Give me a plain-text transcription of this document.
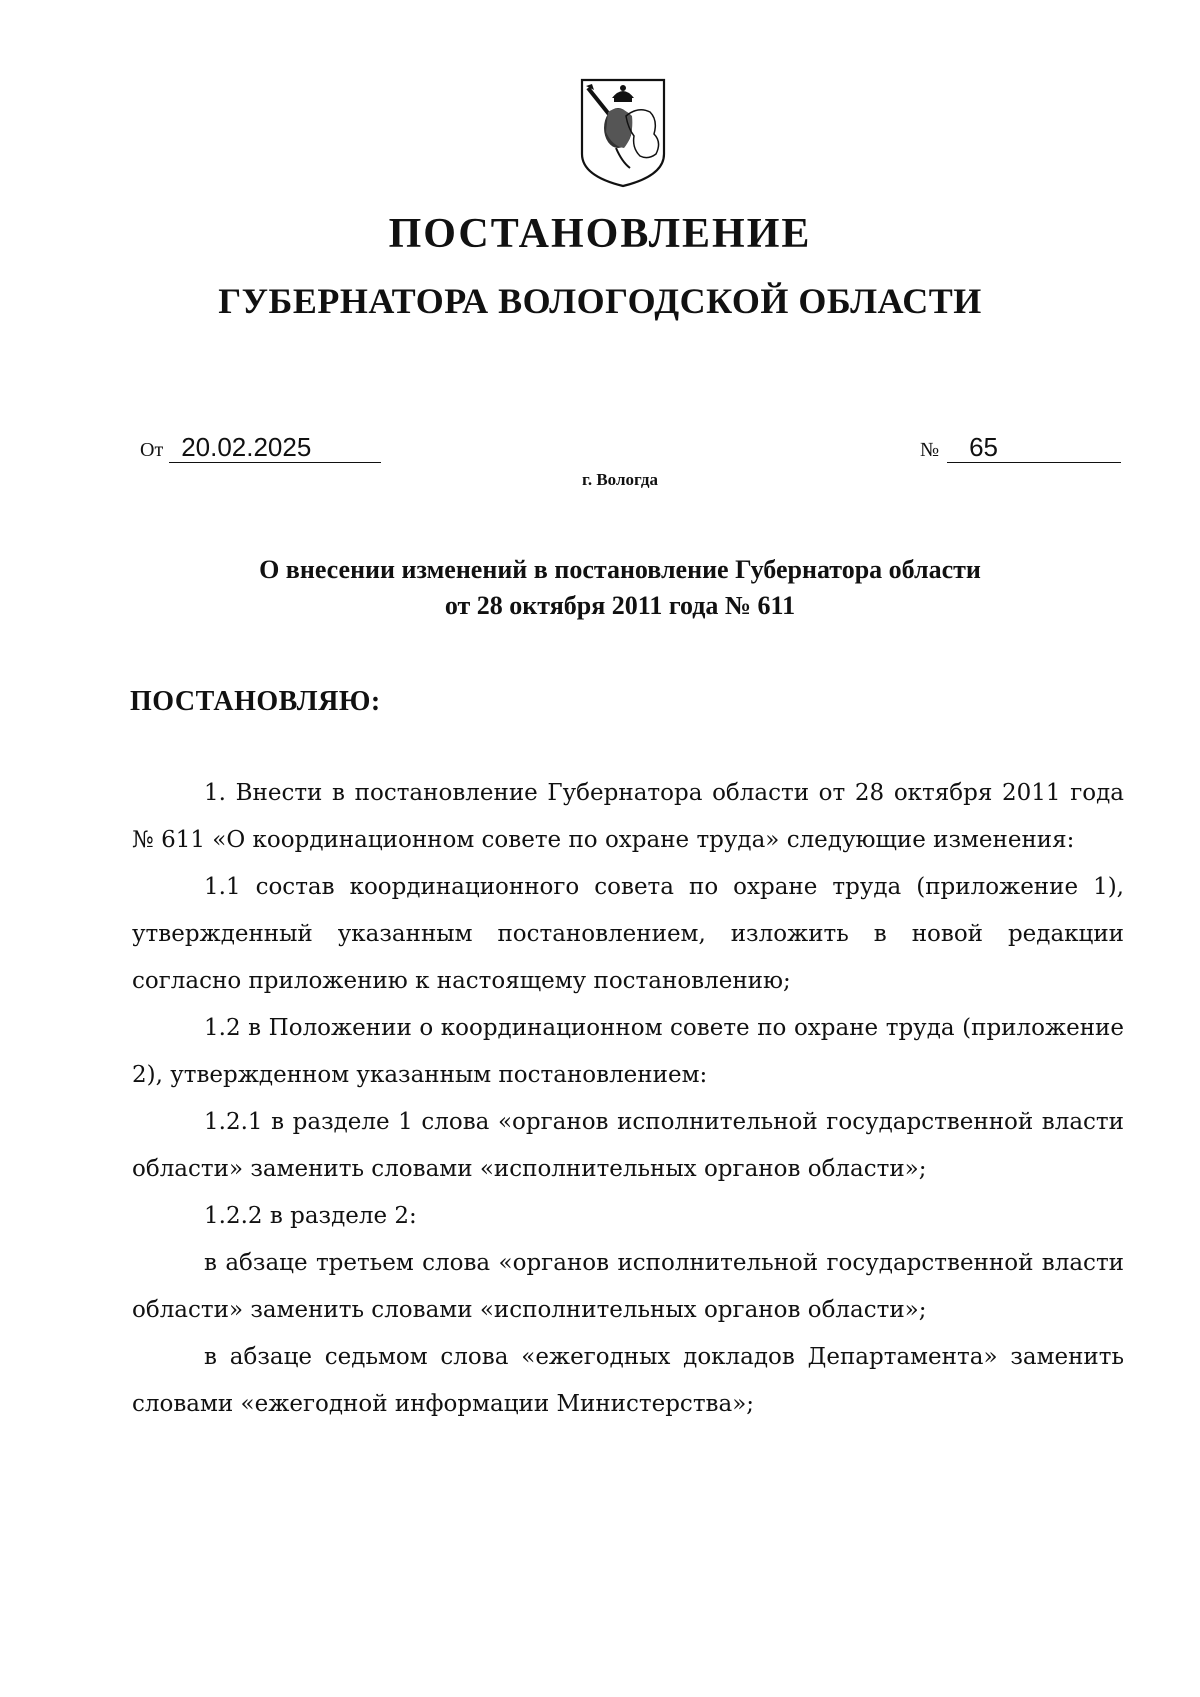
ПОСТАНОВЛЕНИЕ
ГУБЕРНАТОРА ВОЛОГОДСКОЙ ОБЛАСТИ
От 20.02.2025	№ 65
г. Вологда
О внесении изменений в постановление Губернатора области
от 28 октября 2011 года № 611
ПОСТАНОВЛЯЮ:

1. Внести в постановление Губернатора области от 28 октября 2011 года № 611 «О координационном совете по охране труда» следующие изменения:

1.1 состав координационного совета по охране труда (приложение 1), утвержденный указанным постановлением, изложить в новой редакции согласно приложению к настоящему постановлению;

1.2 в Положении о координационном совете по охране труда (приложение 2), утвержденном указанным постановлением:

1.2.1 в разделе 1 слова «органов исполнительной государственной власти области» заменить словами «исполнительных органов области»;

1.2.2 в разделе 2:

в абзаце третьем слова «органов исполнительной государственной власти области» заменить словами «исполнительных органов области»;

в абзаце седьмом слова «ежегодных докладов Департамента» заменить словами «ежегодной информации Министерства»;
